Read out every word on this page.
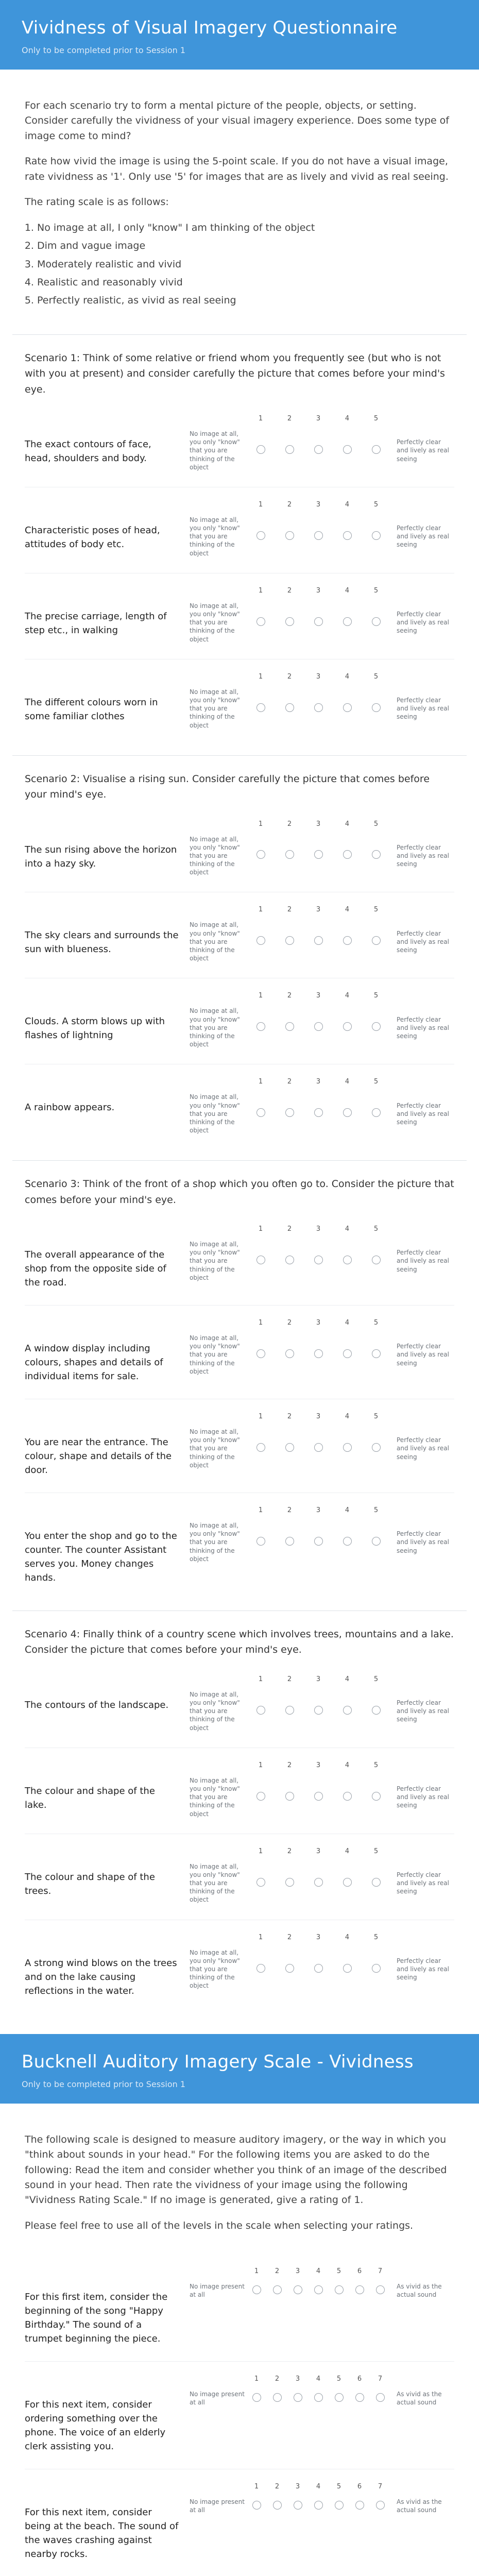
Vividness of Visual Imagery Questionnaire
Only to be completed prior to Session 1

For each scenario try to form a mental picture of the people, objects, or setting. Consider carefully the vividness of your visual imagery experience. Does some type of image come to mind?

Rate how vivid the image is using the 5-point scale. If you do not have a visual image, rate vividness as '1'. Only use '5' for images that are as lively and vivid as real seeing.

The rating scale is as follows:

1. No image at all, I only "know" I am thinking of the object
2. Dim and vague image
3. Moderately realistic and vivid
4. Realistic and reasonably vivid
5. Perfectly realistic, as vivid as real seeing
Scenario 1: Think of some relative or friend whom you frequently see (but who is not with you at present) and consider carefully the picture that comes before your mind's eye.
The exact contours of face, head, shoulders and body.
1	2	3	4	5
No image at all, you only "know" that you are thinking of the object
Perfectly clear and lively as real seeing
Characteristic poses of head, attitudes of body etc.
1	2	3	4	5
No image at all, you only "know" that you are thinking of the object
Perfectly clear and lively as real seeing
The precise carriage, length of step etc., in walking
1	2	3	4	5
No image at all, you only "know" that you are thinking of the object
Perfectly clear and lively as real seeing
The different colours worn in some familiar clothes
1	2	3	4	5
No image at all, you only "know" that you are thinking of the object
Perfectly clear and lively as real seeing
Scenario 2: Visualise a rising sun. Consider carefully the picture that comes before your mind's eye.
The sun rising above the horizon into a hazy sky.
1	2	3	4	5
No image at all, you only "know" that you are thinking of the object
Perfectly clear and lively as real seeing
The sky clears and surrounds the sun with blueness.
1	2	3	4	5
No image at all, you only "know" that you are thinking of the object
Perfectly clear and lively as real seeing
Clouds. A storm blows up with flashes of lightning
1	2	3	4	5
No image at all, you only "know" that you are thinking of the object
Perfectly clear and lively as real seeing
A rainbow appears.
1	2	3	4	5
No image at all, you only "know" that you are thinking of the object
Perfectly clear and lively as real seeing
Scenario 3: Think of the front of a shop which you often go to. Consider the picture that comes before your mind's eye.
The overall appearance of the shop from the opposite side of the road.
1	2	3	4	5
No image at all, you only "know" that you are thinking of the object
Perfectly clear and lively as real seeing
A window display including colours, shapes and details of individual items for sale.
1	2	3	4	5
No image at all, you only "know" that you are thinking of the object
Perfectly clear and lively as real seeing
You are near the entrance. The colour, shape and details of the door.
1	2	3	4	5
No image at all, you only "know" that you are thinking of the object
Perfectly clear and lively as real seeing
You enter the shop and go to the counter. The counter Assistant serves you. Money changes hands.
1	2	3	4	5
No image at all, you only "know" that you are thinking of the object
Perfectly clear and lively as real seeing
Scenario 4: Finally think of a country scene which involves trees, mountains and a lake. Consider the picture that comes before your mind's eye.
The contours of the landscape.
1	2	3	4	5
No image at all, you only "know" that you are thinking of the object
Perfectly clear and lively as real seeing
The colour and shape of the lake.
1	2	3	4	5
No image at all, you only "know" that you are thinking of the object
Perfectly clear and lively as real seeing
The colour and shape of the trees.
1	2	3	4	5
No image at all, you only "know" that you are thinking of the object
Perfectly clear and lively as real seeing
A strong wind blows on the trees and on the lake causing reflections in the water.
1	2	3	4	5
No image at all, you only "know" that you are thinking of the object
Perfectly clear and lively as real seeing
Bucknell Auditory Imagery Scale - Vividness
Only to be completed prior to Session 1

The following scale is designed to measure auditory imagery, or the way in which you "think about sounds in your head." For the following items you are asked to do the following: Read the item and consider whether you think of an image of the described sound in your head. Then rate the vividness of your image using the following "Vividness Rating Scale." If no image is generated, give a rating of 1.

Please feel free to use all of the levels in the scale when selecting your ratings.

For this first item, consider the beginning of the song "Happy Birthday." The sound of a trumpet beginning the piece.
1	2	3	4	5	6	7
No image present at all
As vivid as the actual sound
For this next item, consider ordering something over the phone. The voice of an elderly clerk assisting you.
1	2	3	4	5	6	7
No image present at all
As vivid as the actual sound
For this next item, consider being at the beach. The sound of the waves crashing against nearby rocks.
1	2	3	4	5	6	7
No image present at all
As vivid as the actual sound
